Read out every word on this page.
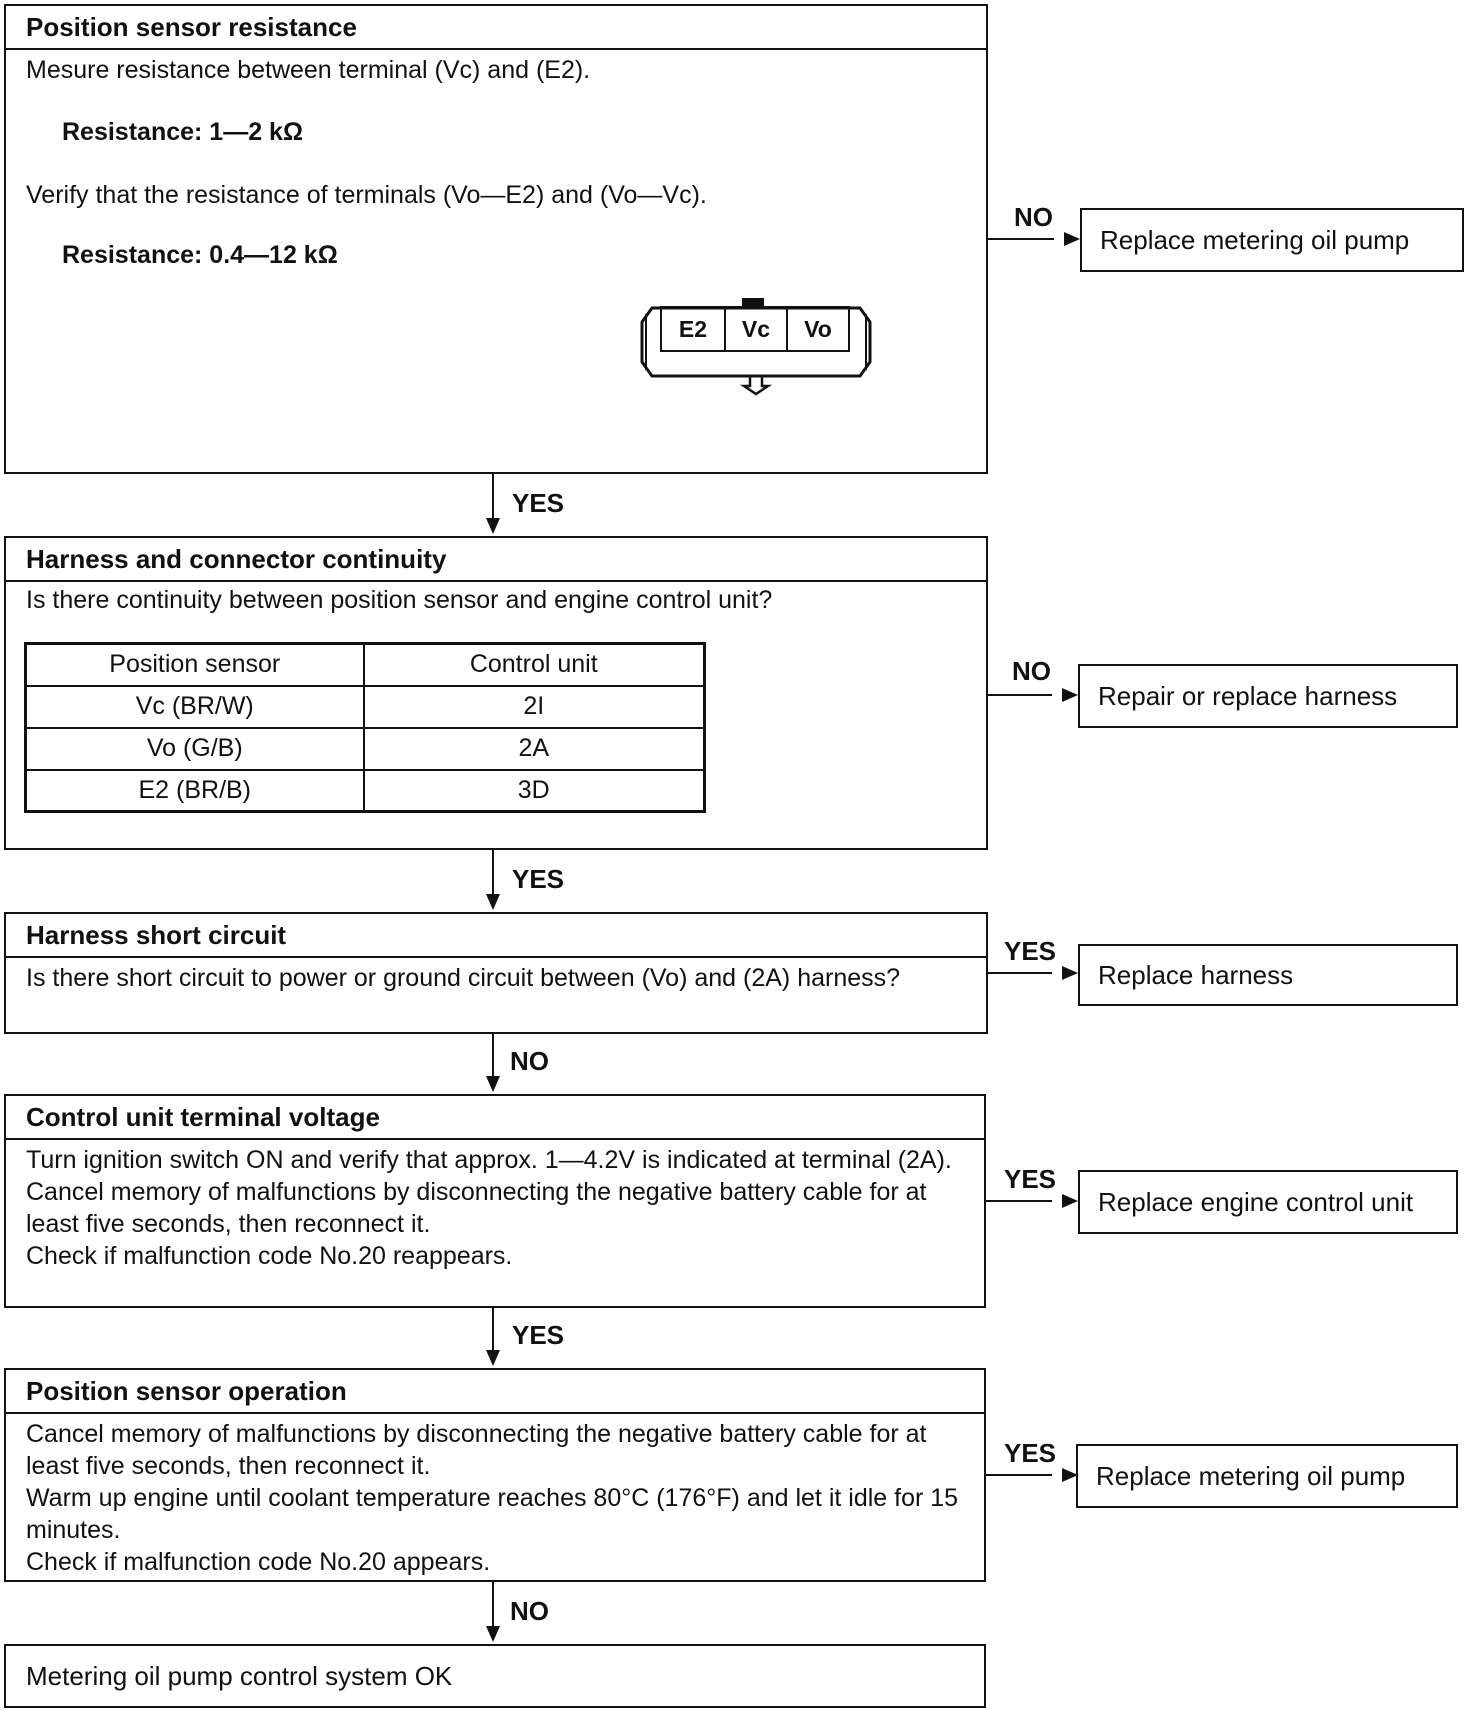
Position sensor resistance
Mesure resistance between terminal (Vc) and (E2).
Resistance: 1—2 kΩ
Verify that the resistance of terminals (Vo—E2) and (Vo—Vc).
Resistance: 0.4—12 kΩ
E2	Vc	Vo
NO
Replace metering oil pump
YES
Harness and connector continuity
Is there continuity between position sensor and engine control unit?
Position sensor	Control unit
Vc (BR/W)	2I
Vo (G/B)	2A
E2 (BR/B)	3D
NO
Repair or replace harness
YES
Harness short circuit
Is there short circuit to power or ground circuit between (Vo) and (2A) harness?
YES
Replace harness
NO
Control unit terminal voltage
Turn ignition switch ON and verify that approx. 1—4.2V is indicated at terminal (2A).
Cancel memory of malfunctions by disconnecting the negative battery cable for at least five seconds, then reconnect it.
Check if malfunction code No.20 reappears.
YES
Replace engine control unit
YES
Position sensor operation
Cancel memory of malfunctions by disconnecting the negative battery cable for at least five seconds, then reconnect it.
Warm up engine until coolant temperature reaches 80°C (176°F) and let it idle for 15 minutes.
Check if malfunction code No.20 appears.
YES
Replace metering oil pump
NO
Metering oil pump control system OK
